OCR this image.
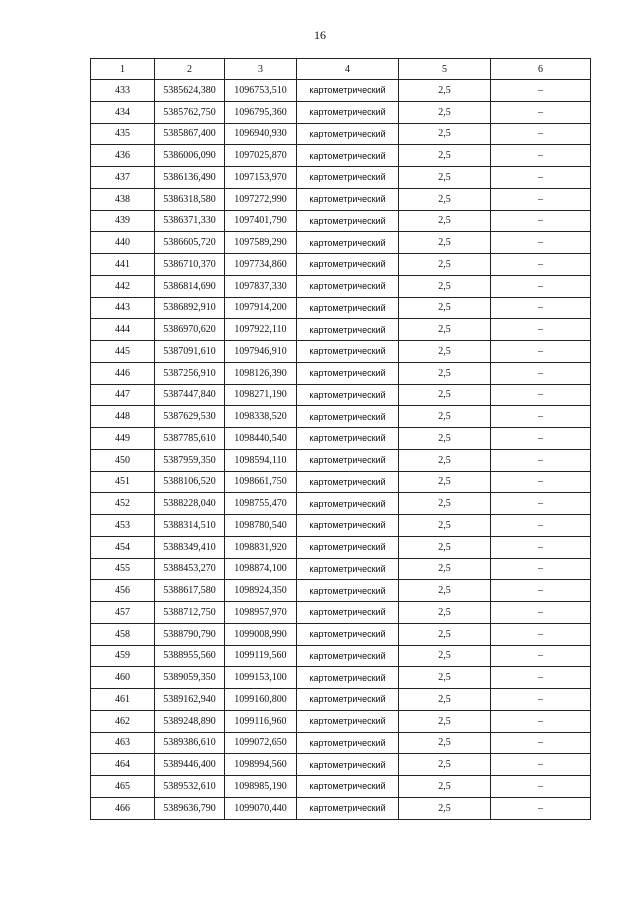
16
1	2	3	4	5	6
433	5385624,380	1096753,510	картометрический	2,5	–
434	5385762,750	1096795,360	картометрический	2,5	–
435	5385867,400	1096940,930	картометрический	2,5	–
436	5386006,090	1097025,870	картометрический	2,5	–
437	5386136,490	1097153,970	картометрический	2,5	–
438	5386318,580	1097272,990	картометрический	2,5	–
439	5386371,330	1097401,790	картометрический	2,5	–
440	5386605,720	1097589,290	картометрический	2,5	–
441	5386710,370	1097734,860	картометрический	2,5	–
442	5386814,690	1097837,330	картометрический	2,5	–
443	5386892,910	1097914,200	картометрический	2,5	–
444	5386970,620	1097922,110	картометрический	2,5	–
445	5387091,610	1097946,910	картометрический	2,5	–
446	5387256,910	1098126,390	картометрический	2,5	–
447	5387447,840	1098271,190	картометрический	2,5	–
448	5387629,530	1098338,520	картометрический	2,5	–
449	5387785,610	1098440,540	картометрический	2,5	–
450	5387959,350	1098594,110	картометрический	2,5	–
451	5388106,520	1098661,750	картометрический	2,5	–
452	5388228,040	1098755,470	картометрический	2,5	–
453	5388314,510	1098780,540	картометрический	2,5	–
454	5388349,410	1098831,920	картометрический	2,5	–
455	5388453,270	1098874,100	картометрический	2,5	–
456	5388617,580	1098924,350	картометрический	2,5	–
457	5388712,750	1098957,970	картометрический	2,5	–
458	5388790,790	1099008,990	картометрический	2,5	–
459	5388955,560	1099119,560	картометрический	2,5	–
460	5389059,350	1099153,100	картометрический	2,5	–
461	5389162,940	1099160,800	картометрический	2,5	–
462	5389248,890	1099116,960	картометрический	2,5	–
463	5389386,610	1099072,650	картометрический	2,5	–
464	5389446,400	1098994,560	картометрический	2,5	–
465	5389532,610	1098985,190	картометрический	2,5	–
466	5389636,790	1099070,440	картометрический	2,5	–
